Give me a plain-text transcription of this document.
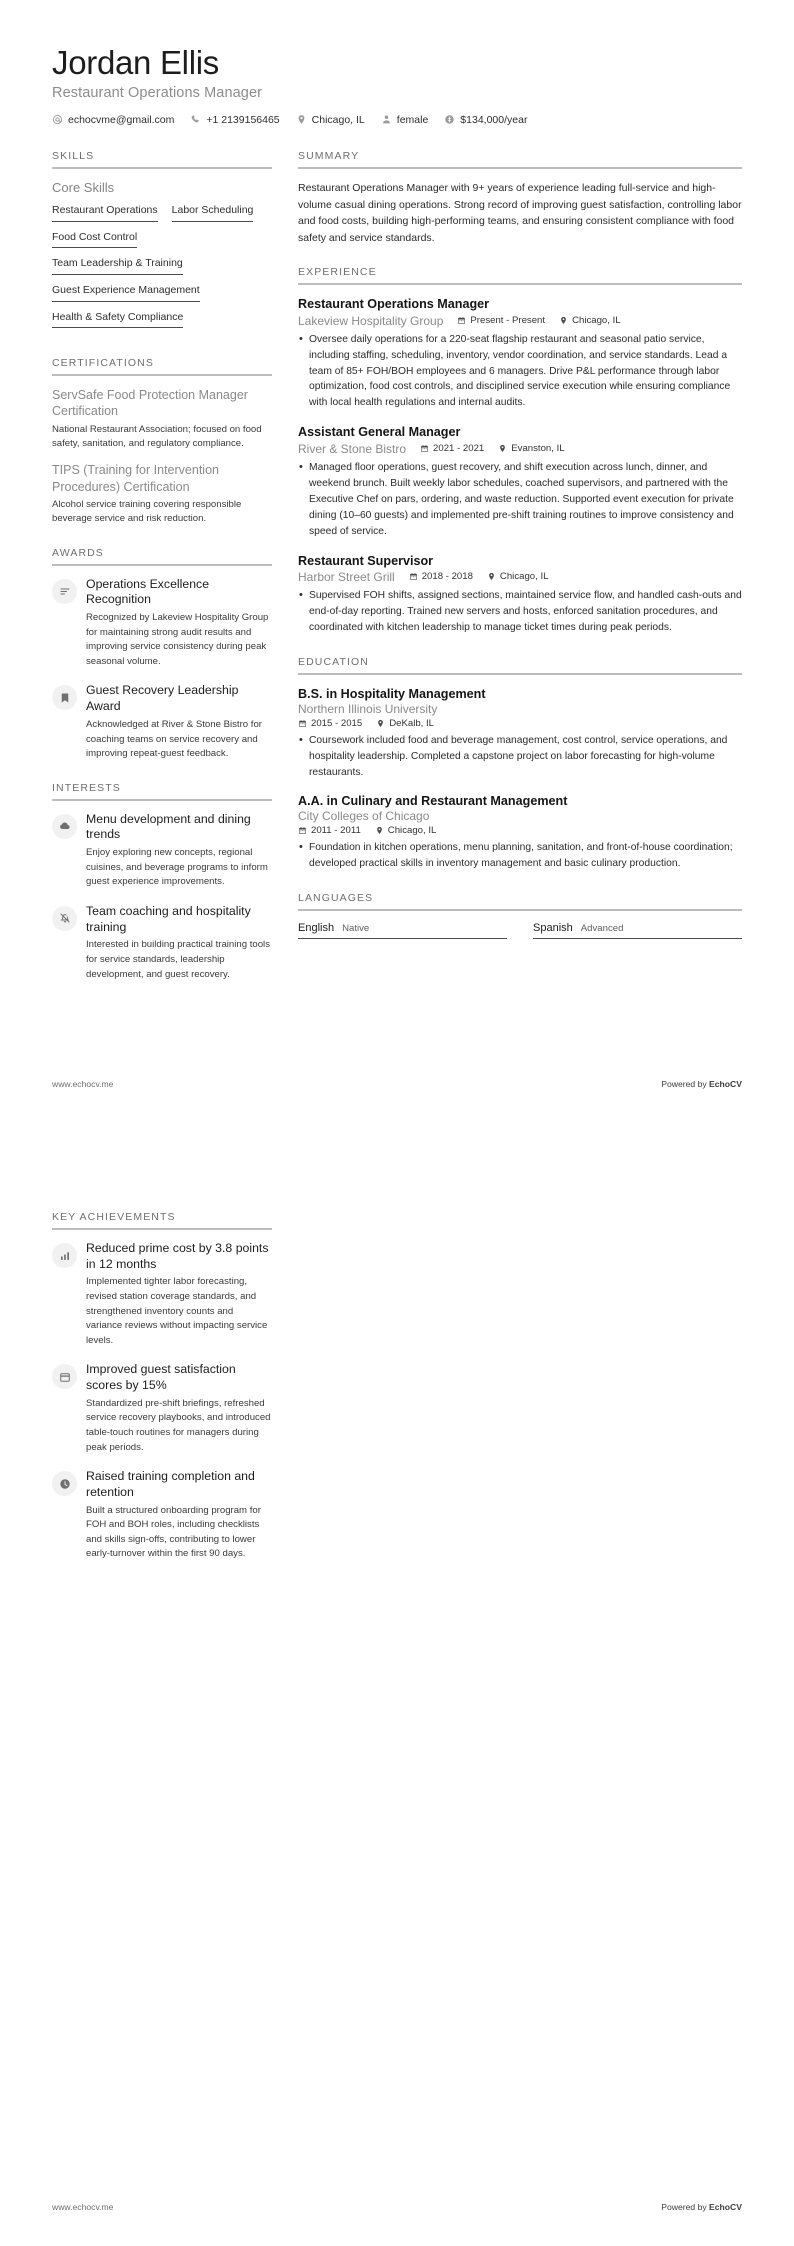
Jordan Ellis
Restaurant Operations Manager
echocvme@gmail.com	+1 2139156465	Chicago, IL	female	$134,000/year
SKILLS
Core Skills
Restaurant Operations Labor Scheduling
Food Cost Control
Team Leadership & Training
Guest Experience Management
Health & Safety Compliance
CERTIFICATIONS
ServSafe Food Protection Manager Certification
National Restaurant Association; focused on food safety, sanitation, and regulatory compliance.
TIPS (Training for Intervention Procedures) Certification
Alcohol service training covering responsible beverage service and risk reduction.
AWARDS
Operations Excellence Recognition
Recognized by Lakeview Hospitality Group for maintaining strong audit results and improving service consistency during peak seasonal volume.
Guest Recovery Leadership Award
Acknowledged at River & Stone Bistro for coaching teams on service recovery and improving repeat-guest feedback.
INTERESTS
Menu development and dining trends
Enjoy exploring new concepts, regional cuisines, and beverage programs to inform guest experience improvements.
Team coaching and hospitality training
Interested in building practical training tools for service standards, leadership development, and guest recovery.
SUMMARY
Restaurant Operations Manager with 9+ years of experience leading full-service and high-volume casual dining operations. Strong record of improving guest satisfaction, controlling labor and food costs, building high-performing teams, and ensuring consistent compliance with food safety and service standards.
EXPERIENCE
Restaurant Operations Manager
Lakeview Hospitality Group	Present - Present	Chicago, IL
• Oversee daily operations for a 220-seat flagship restaurant and seasonal patio service, including staffing, scheduling, inventory, vendor coordination, and service standards. Lead a team of 85+ FOH/BOH employees and 6 managers. Drive P&L performance through labor optimization, food cost controls, and disciplined service execution while ensuring compliance with local health regulations and internal audits.
Assistant General Manager
River & Stone Bistro	2021 - 2021	Evanston, IL
• Managed floor operations, guest recovery, and shift execution across lunch, dinner, and weekend brunch. Built weekly labor schedules, coached supervisors, and partnered with the Executive Chef on pars, ordering, and waste reduction. Supported event execution for private dining (10–60 guests) and implemented pre-shift training routines to improve consistency and speed of service.
Restaurant Supervisor
Harbor Street Grill	2018 - 2018	Chicago, IL
• Supervised FOH shifts, assigned sections, maintained service flow, and handled cash-outs and end-of-day reporting. Trained new servers and hosts, enforced sanitation procedures, and coordinated with kitchen leadership to manage ticket times during peak periods.
EDUCATION
B.S. in Hospitality Management
Northern Illinois University
2015 - 2015	DeKalb, IL
• Coursework included food and beverage management, cost control, service operations, and hospitality leadership. Completed a capstone project on labor forecasting for high-volume restaurants.
A.A. in Culinary and Restaurant Management
City Colleges of Chicago
2011 - 2011	Chicago, IL
• Foundation in kitchen operations, menu planning, sanitation, and front-of-house coordination; developed practical skills in inventory management and basic culinary production.
LANGUAGES
English Native	Spanish Advanced
www.echocv.me	Powered by EchoCV
KEY ACHIEVEMENTS
Reduced prime cost by 3.8 points in 12 months
Implemented tighter labor forecasting, revised station coverage standards, and strengthened inventory counts and variance reviews without impacting service levels.
Improved guest satisfaction scores by 15%
Standardized pre-shift briefings, refreshed service recovery playbooks, and introduced table-touch routines for managers during peak periods.
Raised training completion and retention
Built a structured onboarding program for FOH and BOH roles, including checklists and skills sign-offs, contributing to lower early-turnover within the first 90 days.
www.echocv.me	Powered by EchoCV
